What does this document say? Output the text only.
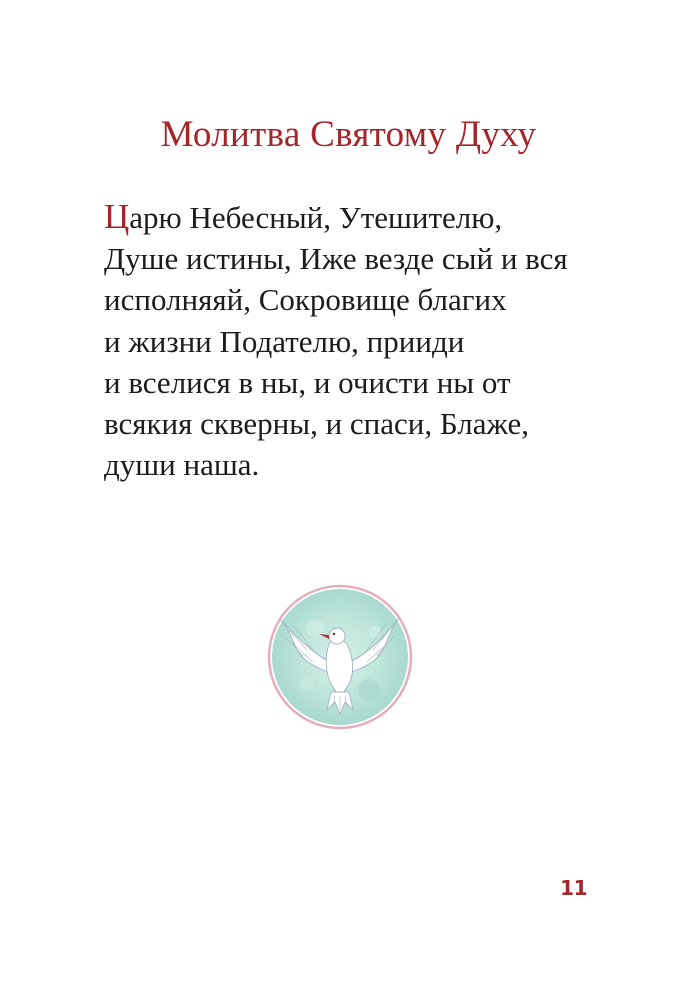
Молитва Святому Духу

Царю Небесный, Утешителю,
Душе истины, Иже везде сый и вся
исполняяй, Сокровище благих
и жизни Подателю, прииди
и вселися в ны, и очисти ны от
всякия скверны, и спаси, Блаже,
души наша.

11
